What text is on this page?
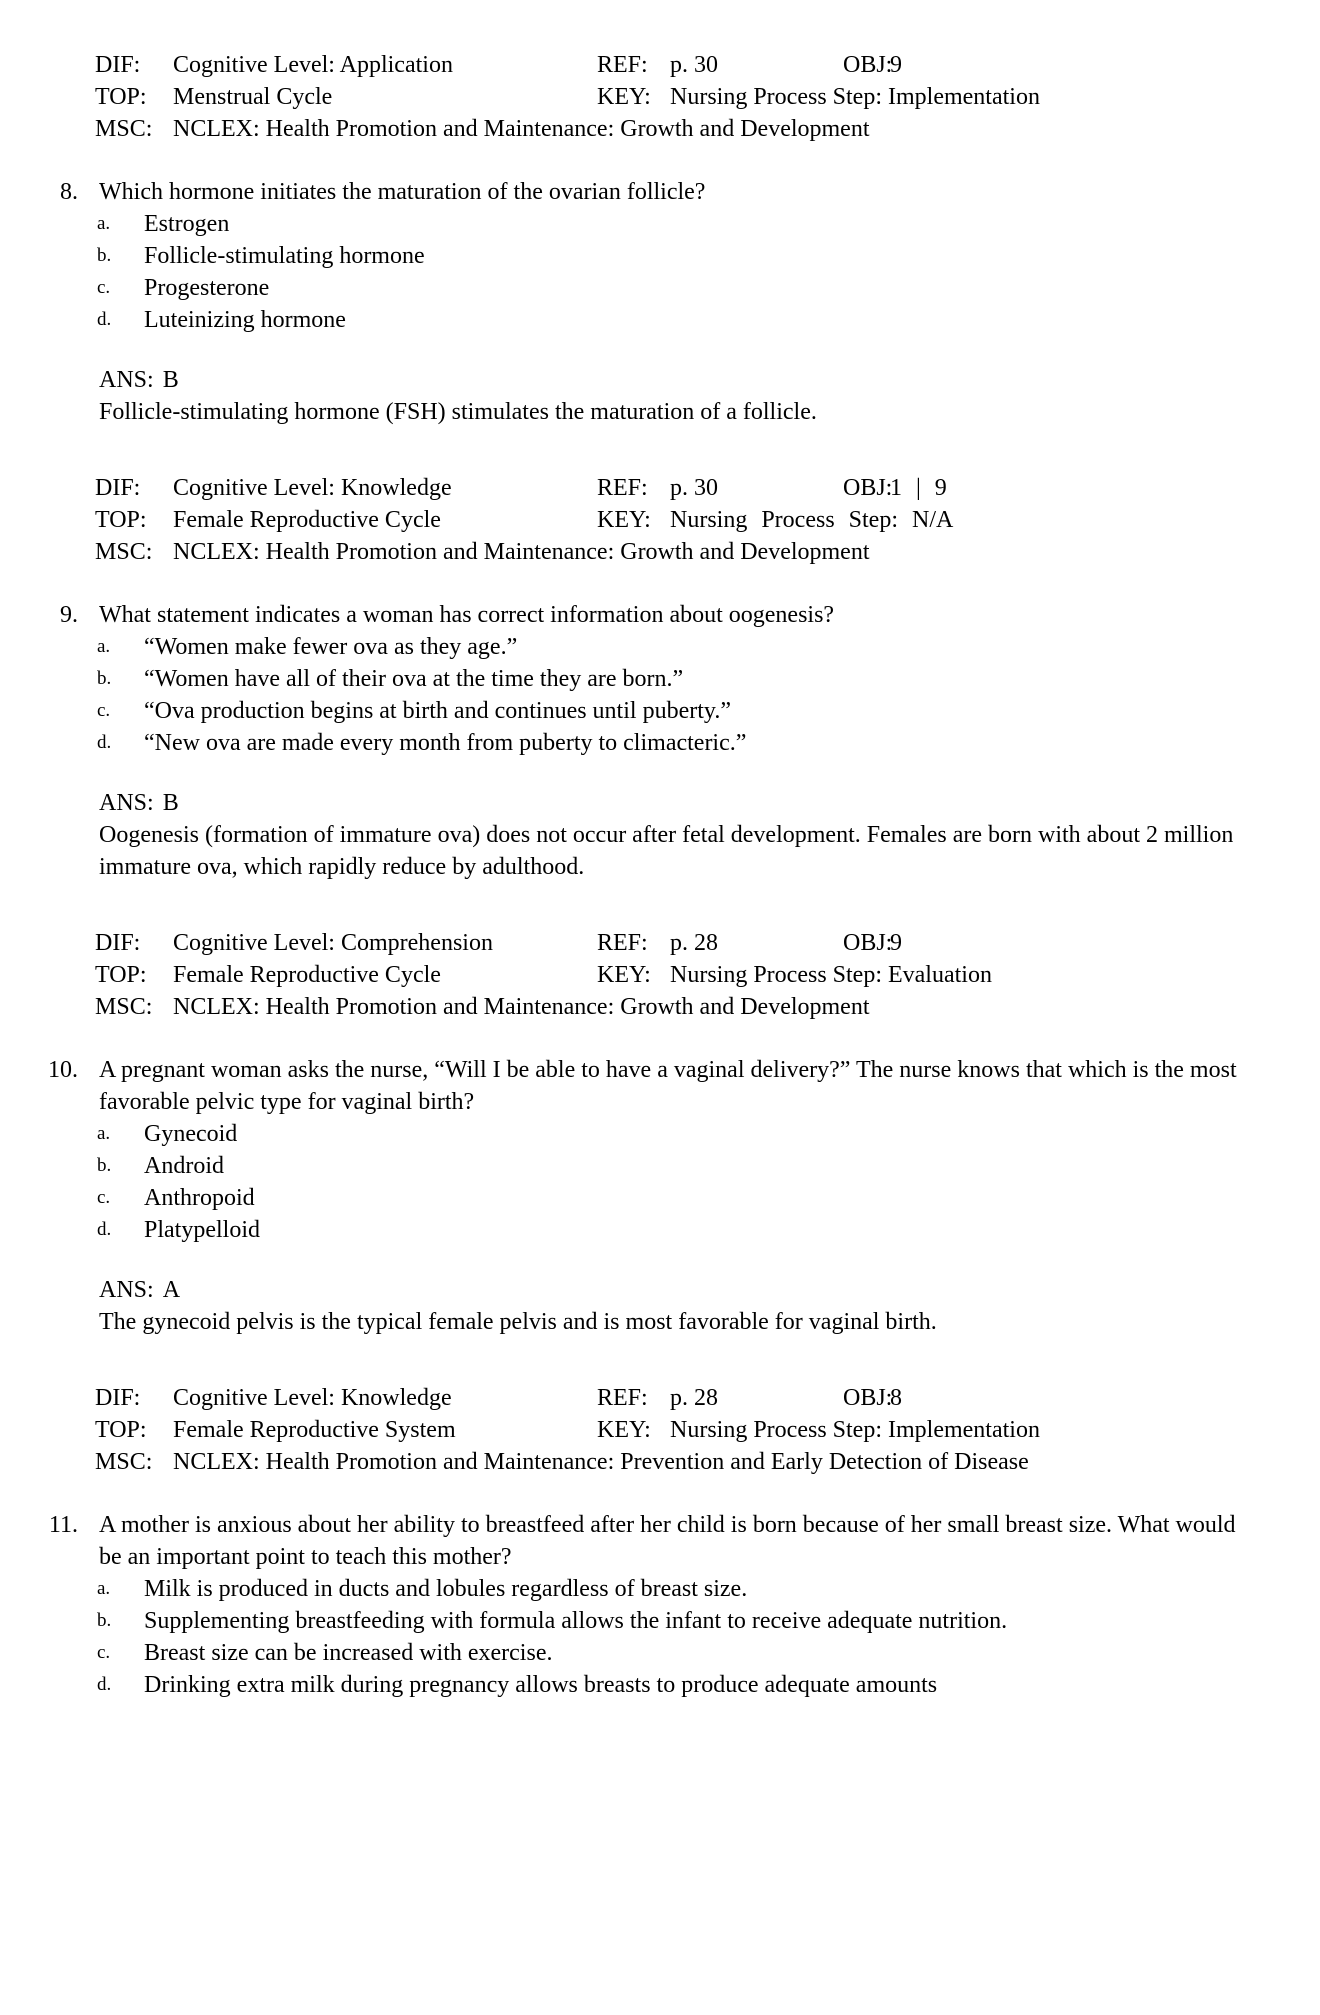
DIF: Cognitive Level: Application	REF: p. 30	OBJ:9
TOP: Menstrual Cycle	KEY: Nursing Process Step: Implementation
MSC: NCLEX: Health Promotion and Maintenance: Growth and Development
8. Which hormone initiates the maturation of the ovarian follicle?
a. Estrogen
b. Follicle-stimulating hormone
c. Progesterone
d. Luteinizing hormone
ANS: B
Follicle-stimulating hormone (FSH) stimulates the maturation of a follicle.
DIF: Cognitive Level: Knowledge	REF: p. 30	OBJ:1 | 9
TOP: Female Reproductive Cycle	KEY: Nursing Process Step: N/A
MSC: NCLEX: Health Promotion and Maintenance: Growth and Development
9. What statement indicates a woman has correct information about oogenesis?
a. “Women make fewer ova as they age.”
b. “Women have all of their ova at the time they are born.”
c. “Ova production begins at birth and continues until puberty.”
d. “New ova are made every month from puberty to climacteric.”
ANS: B
Oogenesis (formation of immature ova) does not occur after fetal development. Females are born with about 2 million immature ova, which rapidly reduce by adulthood.
DIF: Cognitive Level: Comprehension	REF: p. 28	OBJ:9
TOP: Female Reproductive Cycle	KEY: Nursing Process Step: Evaluation
MSC: NCLEX: Health Promotion and Maintenance: Growth and Development
10. A pregnant woman asks the nurse, “Will I be able to have a vaginal delivery?” The nurse knows that which is the most favorable pelvic type for vaginal birth?
a. Gynecoid
b. Android
c. Anthropoid
d. Platypelloid
ANS: A
The gynecoid pelvis is the typical female pelvis and is most favorable for vaginal birth.
DIF: Cognitive Level: Knowledge	REF: p. 28	OBJ:8
TOP: Female Reproductive System	KEY: Nursing Process Step: Implementation
MSC: NCLEX: Health Promotion and Maintenance: Prevention and Early Detection of Disease
11. A mother is anxious about her ability to breastfeed after her child is born because of her small breast size. What would be an important point to teach this mother?
a. Milk is produced in ducts and lobules regardless of breast size.
b. Supplementing breastfeeding with formula allows the infant to receive adequate nutrition.
c. Breast size can be increased with exercise.
d. Drinking extra milk during pregnancy allows breasts to produce adequate amounts
